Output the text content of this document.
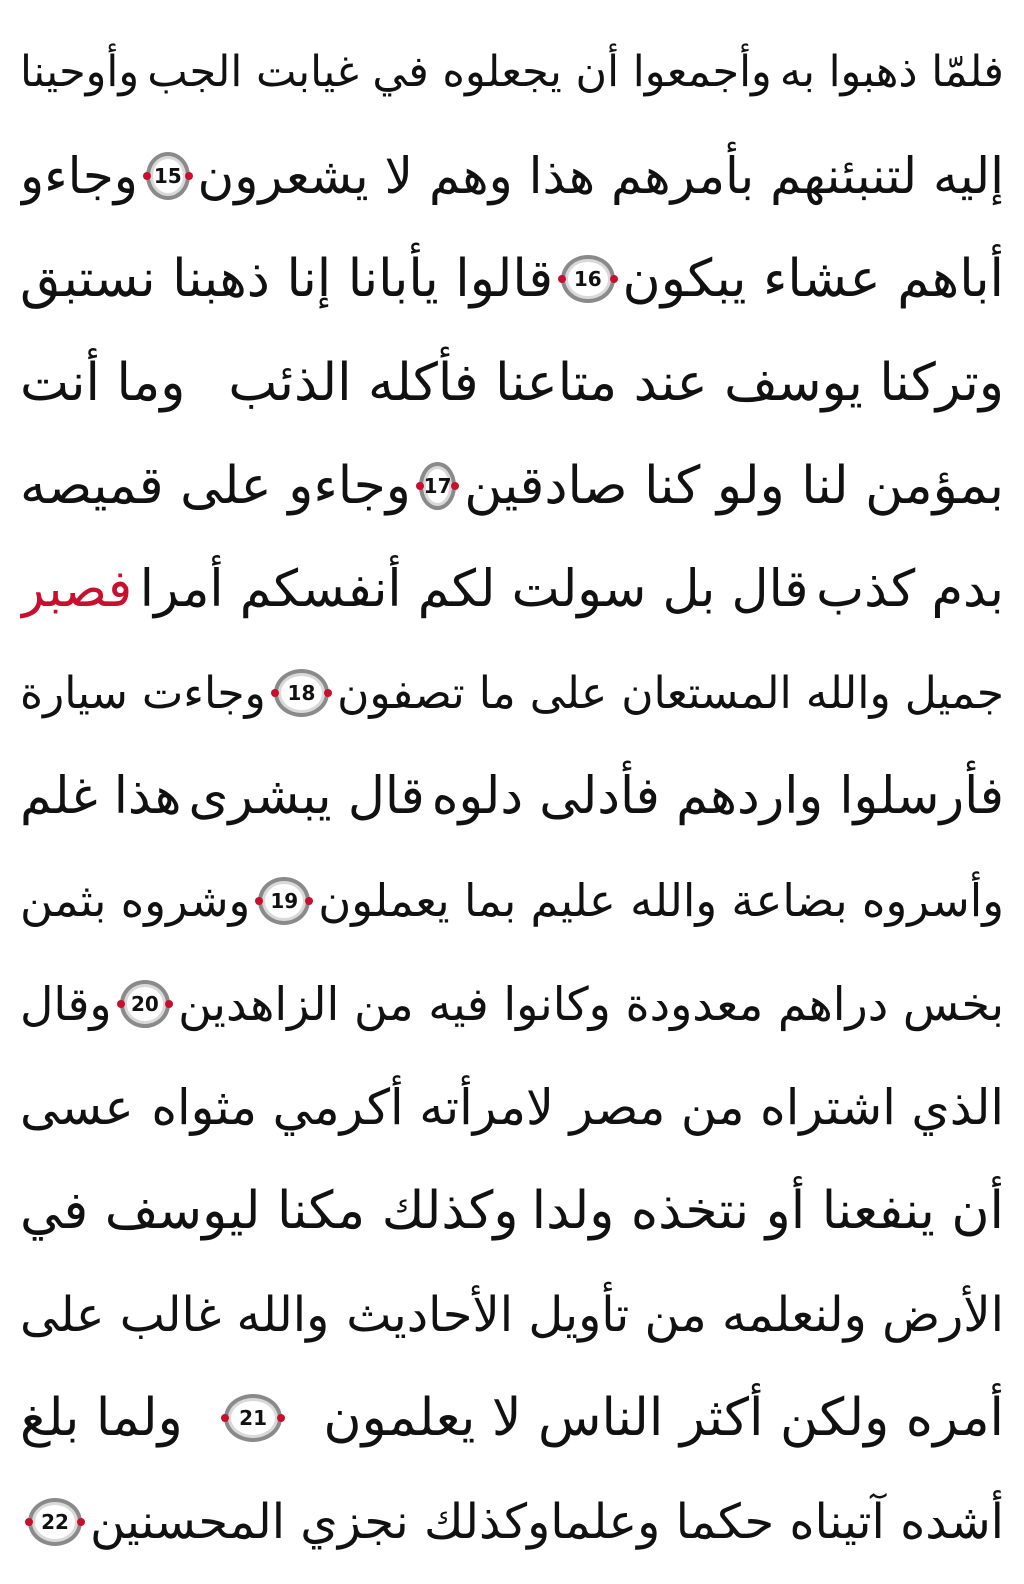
فلمّا ذهبوا به
وأجمعوا أن يجعلوه في غيابت الجب
وأوحينا
إليه لتنبئنهم بأمرهم هذا وهم لا يشعرون
15
وجاءو
أباهم عشاء يبكون
16
قالوا يأبانا إنا ذهبنا نستبق
وتركنا يوسف عند متاعنا فأكله الذئب
وما أنت
بمؤمن لنا ولو كنا صادقين
17
وجاءو على قميصه
بدم كذب
قال بل سولت لكم أنفسكم أمرا
فصبر
جميل والله المستعان على ما تصفون
18
وجاءت سيارة
فأرسلوا واردهم فأدلى دلوه
قال يبشرى
هذا غلم
وأسروه بضاعة والله عليم بما يعملون
19
وشروه بثمن
بخس دراهم معدودة وكانوا فيه من الزاهدين
20
وقال
الذي اشتراه من مصر لامرأته أكرمي مثواه
عسى
أن ينفعنا أو نتخذه ولدا
وكذلك مكنا ليوسف في
الأرض ولنعلمه من تأويل الأحاديث
والله غالب على
أمره ولكن أكثر الناس لا يعلمون
21
ولما بلغ
أشده آتيناه حكما وعلما
وكذلك نجزي المحسنين
22
